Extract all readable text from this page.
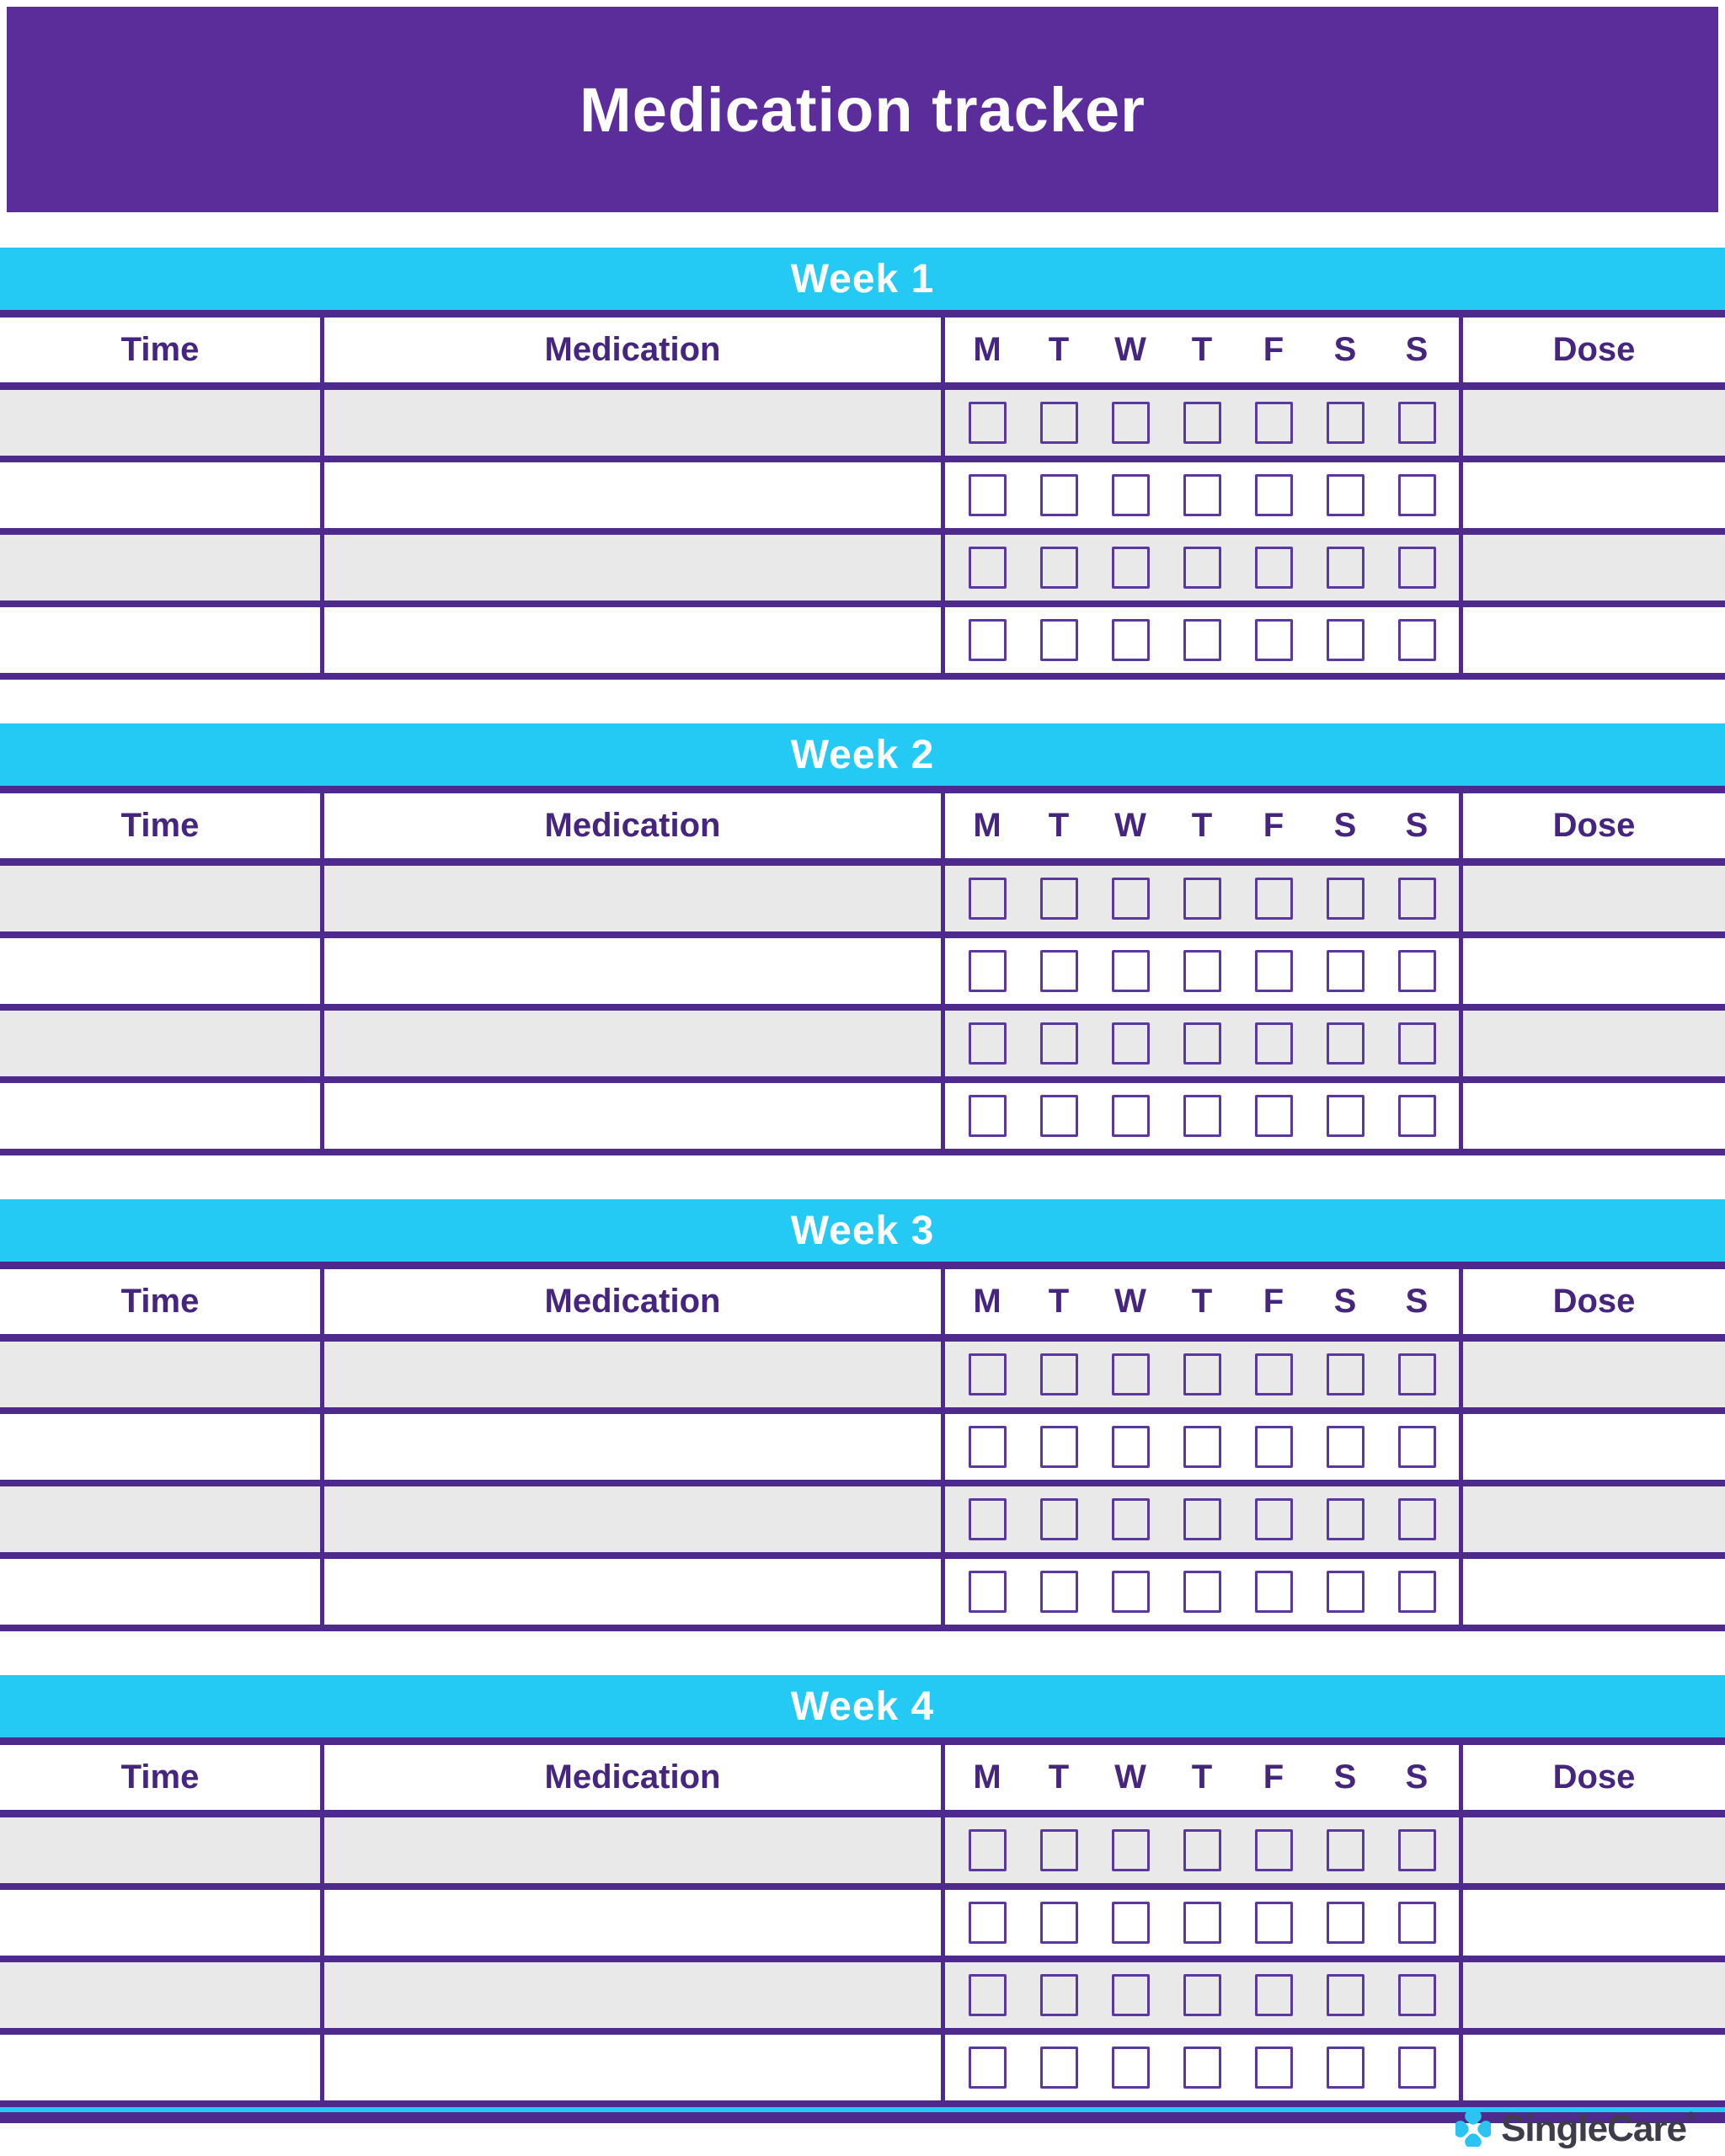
Medication tracker
Week 1
Time	Medication	M T W T F S S	Dose
Week 2
Time	Medication	M T W T F S S	Dose
Week 3
Time	Medication	M T W T F S S	Dose
Week 4
Time	Medication	M T W T F S S	Dose
SingleCare®
